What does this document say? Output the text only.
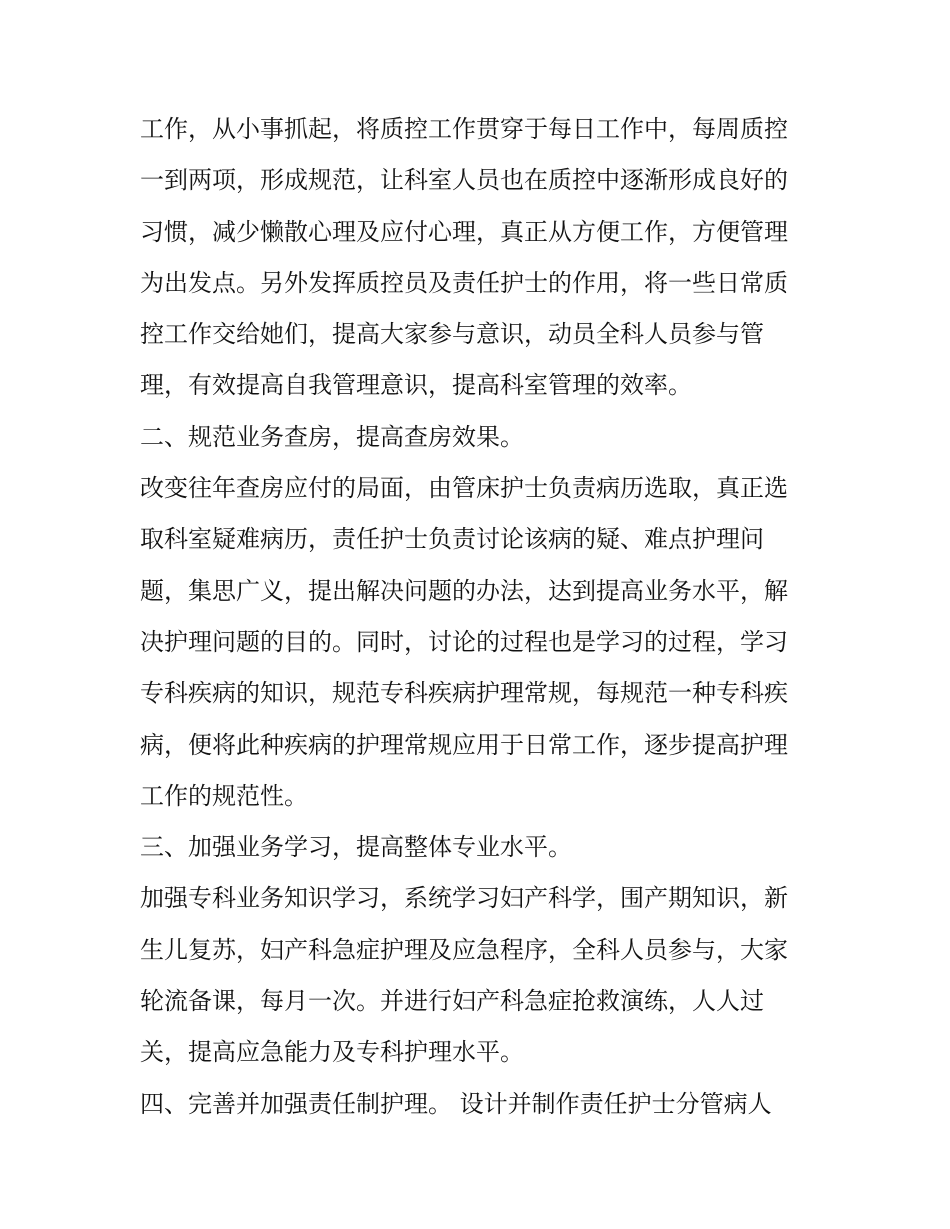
工作，从小事抓起，将质控工作贯穿于每日工作中，每周质控
一到两项，形成规范，让科室人员也在质控中逐渐形成良好的
习惯，减少懒散心理及应付心理，真正从方便工作，方便管理
为出发点。另外发挥质控员及责任护士的作用，将一些日常质
控工作交给她们，提高大家参与意识，动员全科人员参与管
理，有效提高自我管理意识，提高科室管理的效率。
二、规范业务查房，提高查房效果。
改变往年查房应付的局面，由管床护士负责病历选取，真正选
取科室疑难病历，责任护士负责讨论该病的疑、难点护理问
题，集思广义，提出解决问题的办法，达到提高业务水平，解
决护理问题的目的。同时，讨论的过程也是学习的过程，学习
专科疾病的知识，规范专科疾病护理常规，每规范一种专科疾
病，便将此种疾病的护理常规应用于日常工作，逐步提高护理
工作的规范性。
三、加强业务学习，提高整体专业水平。
加强专科业务知识学习，系统学习妇产科学，围产期知识，新
生儿复苏，妇产科急症护理及应急程序，全科人员参与，大家
轮流备课，每月一次。并进行妇产科急症抢救演练，人人过
关，提高应急能力及专科护理水平。
四、完善并加强责任制护理。 设计并制作责任护士分管病人
